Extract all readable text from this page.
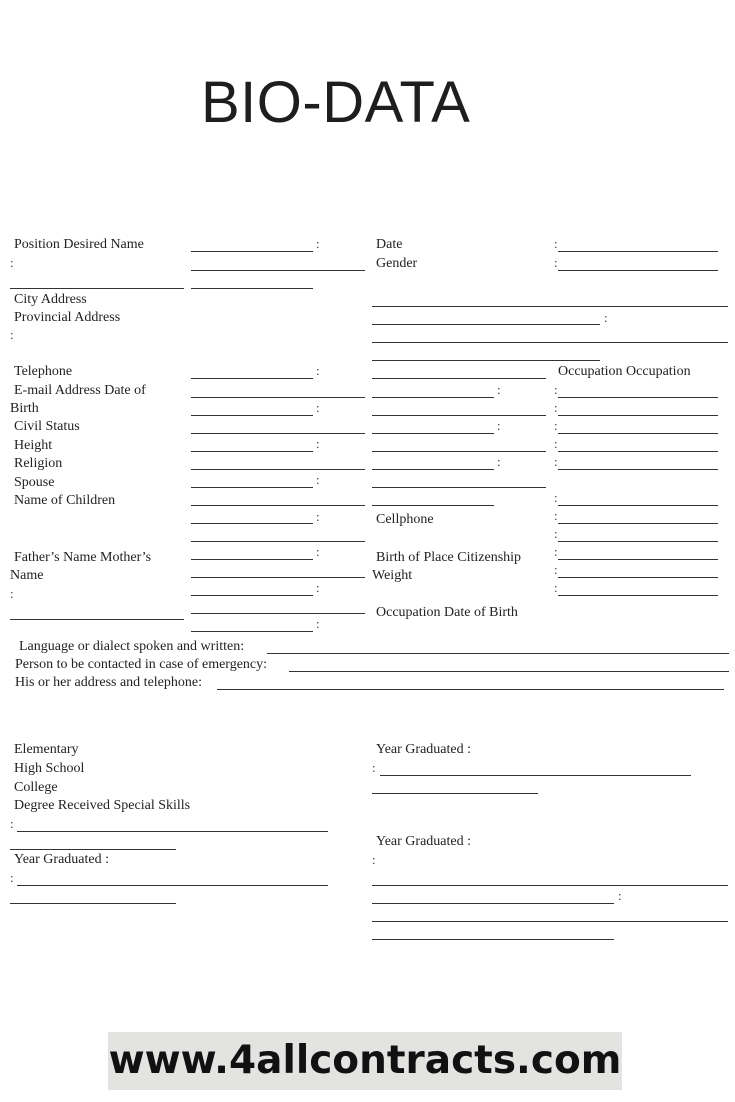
BIO-DATA
Position Desired Name
:
City Address
Provincial Address
:
Telephone
E-mail Address Date of
Birth
Civil Status
Height
Religion
Spouse
Name of Children
Father’s Name Mother’s
Name
:
:
:
:
:
:
:
:
:
:
Date
Gender
:
:
:
:
Cellphone
Birth of Place Citizenship
Weight
Occupation Date of Birth
:
:
Occupation Occupation
:
:
:
:
:
:
:
:
:
:
:
Language or dialect spoken and written:
Person to be contacted in case of emergency:
His or her address and telephone:
Elementary
High School
College
Degree Received Special Skills
:
Year Graduated :
:
Year Graduated :
:
Year Graduated :
:
:
www.4allcontracts.com
